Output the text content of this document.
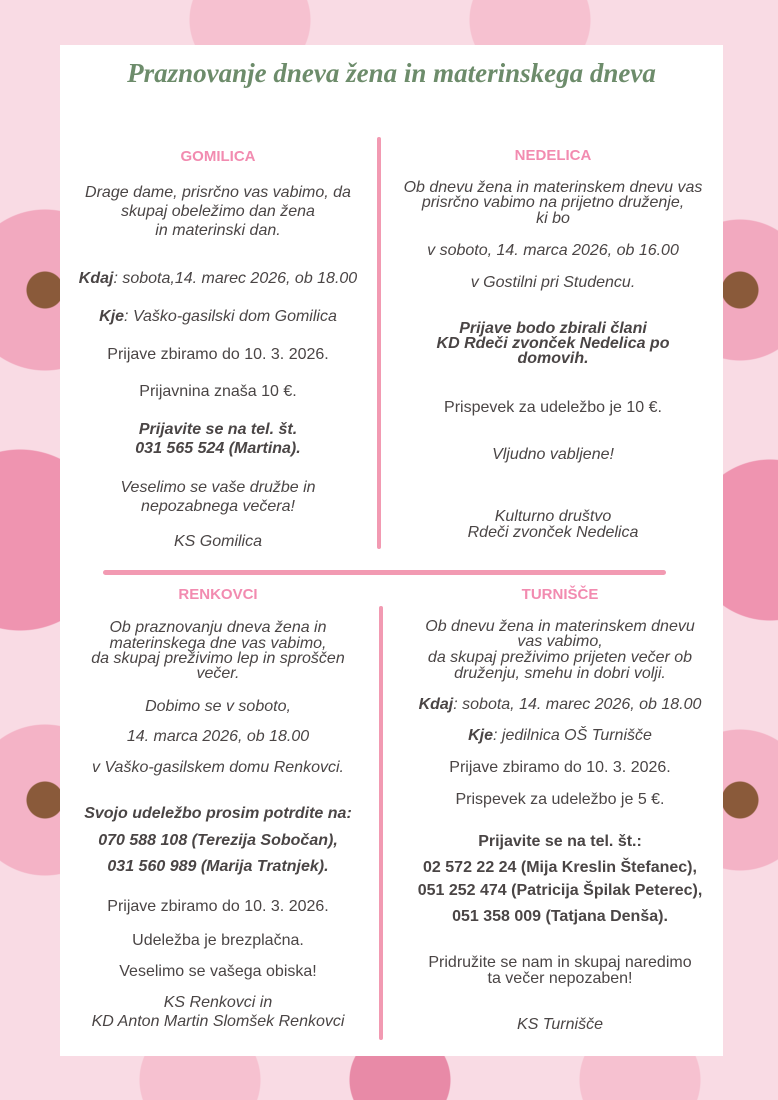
Praznovanje dneva žena in materinskega dneva
GOMILICA
Drage dame, prisrčno vas vabimo, da
skupaj obeležimo dan žena
in materinski dan.
Kdaj: sobota,14. marec 2026, ob 18.00
Kje: Vaško-gasilski dom Gomilica
Prijave zbiramo do 10. 3. 2026.
Prijavnina znaša 10 €.
Prijavite se na tel. št.
031 565 524 (Martina).
Veselimo se vaše družbe in
nepozabnega večera!
KS Gomilica
NEDELICA
Ob dnevu žena in materinskem dnevu vas
prisrčno vabimo na prijetno druženje,
ki bo
v soboto, 14. marca 2026, ob 16.00
v Gostilni pri Studencu.
Prijave bodo zbirali člani
KD Rdeči zvonček Nedelica po
domovih.
Prispevek za udeležbo je 10 €.
Vljudno vabljene!
Kulturno društvo
Rdeči zvonček Nedelica
RENKOVCI
Ob praznovanju dneva žena in
materinskega dne vas vabimo,
da skupaj preživimo lep in sproščen
večer.
Dobimo se v soboto,
14. marca 2026, ob 18.00
v Vaško-gasilskem domu Renkovci.
Svojo udeležbo prosim potrdite na:
070 588 108 (Terezija Sobočan),
031 560 989 (Marija Tratnjek).
Prijave zbiramo do 10. 3. 2026.
Udeležba je brezplačna.
Veselimo se vašega obiska!
KS Renkovci in
KD Anton Martin Slomšek Renkovci
TURNIŠČE
Ob dnevu žena in materinskem dnevu
vas vabimo,
da skupaj preživimo prijeten večer ob
druženju, smehu in dobri volji.
Kdaj: sobota, 14. marec 2026, ob 18.00
Kje: jedilnica OŠ Turnišče
Prijave zbiramo do 10. 3. 2026.
Prispevek za udeležbo je 5 €.
Prijavite se na tel. št.:
02 572 22 24 (Mija Kreslin Štefanec),
051 252 474 (Patricija Špilak Peterec),
051 358 009 (Tatjana Denša).
Pridružite se nam in skupaj naredimo
ta večer nepozaben!
KS Turnišče
